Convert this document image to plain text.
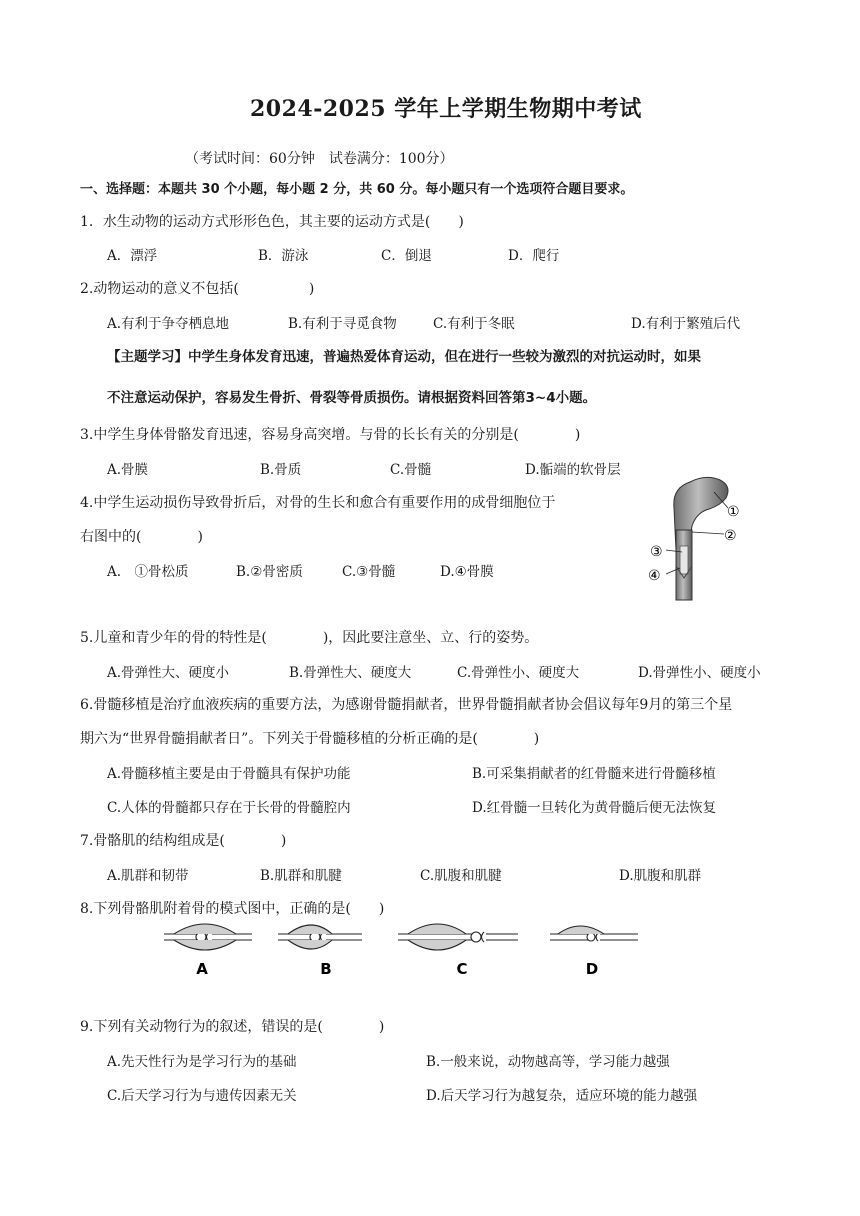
2024-2025 学年上学期生物期中考试
（考试时间：60分钟　试卷满分：100分）
一、选择题：本题共 30 个小题，每小题 2 分，共 60 分。每小题只有一个选项符合题目要求。
1．水生动物的运动方式形形色色，其主要的运动方式是(　　)
A．漂浮	B．游泳	C．倒退	D．爬行
2.动物运动的意义不包括(　　　　　)
A.有利于争夺栖息地	B.有利于寻觅食物	C.有利于冬眠	D.有利于繁殖后代
【主题学习】中学生身体发育迅速，普遍热爱体育运动，但在进行一些较为激烈的对抗运动时，如果
不注意运动保护，容易发生骨折、骨裂等骨质损伤。请根据资料回答第3~4小题。
3.中学生身体骨骼发育迅速，容易身高突增。与骨的长长有关的分别是(　　　　)
A.骨膜	B.骨质	C.骨髓	D.骺端的软骨层
4.中学生运动损伤导致骨折后，对骨的生长和愈合有重要作用的成骨细胞位于
右图中的(　　　　)
A.　①骨松质	B.②骨密质	C.③骨髓	D.④骨膜
①
②
③
④
5.儿童和青少年的骨的特性是(　　　　)，因此要注意坐、立、行的姿势。
A.骨弹性大、硬度小	B.骨弹性大、硬度大	C.骨弹性小、硬度大	D.骨弹性小、硬度小
6.骨髓移植是治疗血液疾病的重要方法，为感谢骨髓捐献者，世界骨髓捐献者协会倡议每年9月的第三个星
期六为“世界骨髓捐献者日”。下列关于骨髓移植的分析正确的是(　　　　)
A.骨髓移植主要是由于骨髓具有保护功能	B.可采集捐献者的红骨髓来进行骨髓移植
C.人体的骨髓都只存在于长骨的骨髓腔内	D.红骨髓一旦转化为黄骨髓后便无法恢复
7.骨骼肌的结构组成是(　　　　)
A.肌群和韧带	B.肌群和肌腱	C.肌腹和肌腱	D.肌腹和肌群
8.下列骨骼肌附着骨的模式图中，正确的是(　　)
A	B	C	D
9.下列有关动物行为的叙述，错误的是(　　　　)
A.先天性行为是学习行为的基础	B.一般来说，动物越高等，学习能力越强
C.后天学习行为与遗传因素无关	D.后天学习行为越复杂，适应环境的能力越强
